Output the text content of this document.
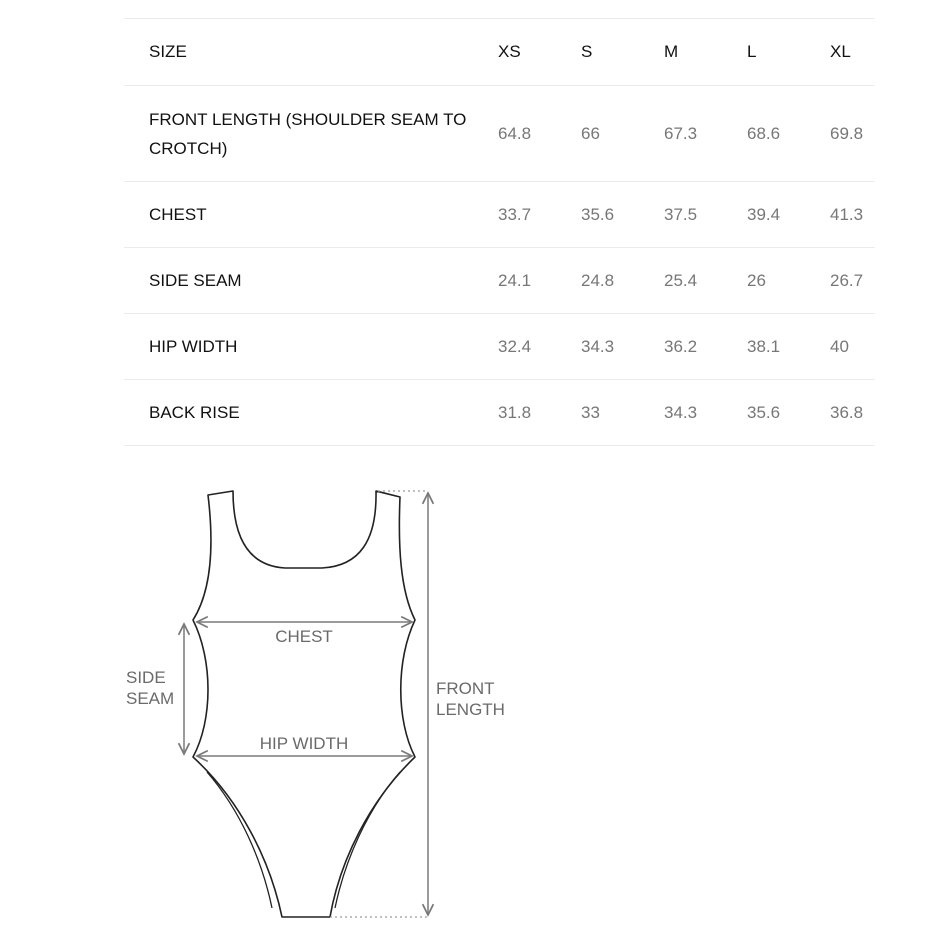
SIZE	XS	S	M	L	XL
FRONT LENGTH (SHOULDER SEAM TO CROTCH)	64.8	66	67.3	68.6	69.8
CHEST	33.7	35.6	37.5	39.4	41.3
SIDE SEAM	24.1	24.8	25.4	26	26.7
HIP WIDTH	32.4	34.3	36.2	38.1	40
BACK RISE	31.8	33	34.3	35.6	36.8
CHEST
HIP WIDTH
SIDE
SEAM
FRONT
LENGTH
